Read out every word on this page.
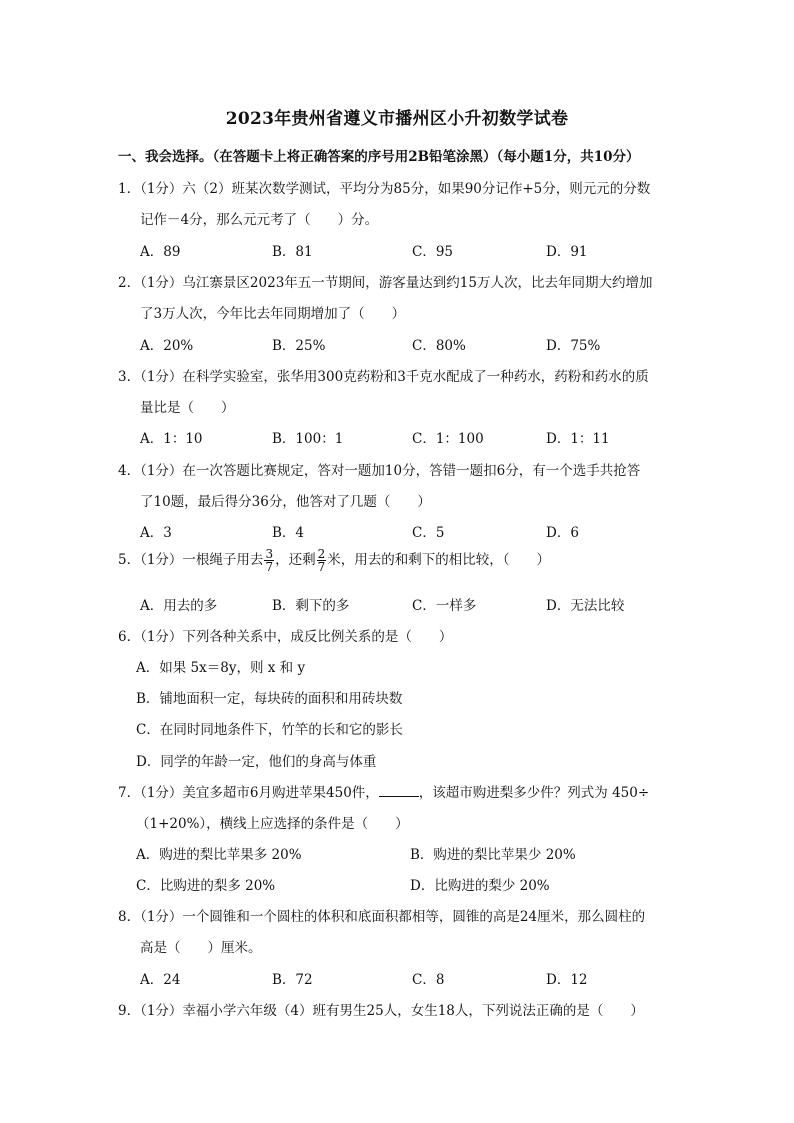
2023年贵州省遵义市播州区小升初数学试卷
一、我会选择。（在答题卡上将正确答案的序号用2B铅笔涂黑）（每小题1分，共10分）
1．（1分）六（2）班某次数学测试，平均分为85分，如果90分记作+5分，则元元的分数
记作－4分，那么元元考了（　　）分。
A．89	B．81	C．95	D．91
2．（1分）乌江寨景区2023年五一节期间，游客量达到约15万人次，比去年同期大约增加
了3万人次，今年比去年同期增加了（　　）
A．20%	B．25%	C．80%	D．75%
3．（1分）在科学实验室，张华用300克药粉和3千克水配成了一种药水，药粉和药水的质
量比是（　　）
A．1：10	B．100：1	C．1：100	D．1：11
4．（1分）在一次答题比赛规定，答对一题加10分，答错一题扣6分，有一个选手共抢答
了10题，最后得分36分，他答对了几题（　　）
A．3	B．4	C．5	D．6
5．（1分）一根绳子用去 $\frac{3}{7}$ ，还剩 $\frac{2}{7}$ 米，用去的和剩下的相比较，（　　）
A．用去的多	B．剩下的多	C．一样多	D．无法比较
6．（1分）下列各种关系中，成反比例关系的是（　　）
A．如果 5x＝8y，则 x 和 y
B．铺地面积一定，每块砖的面积和用砖块数
C．在同时同地条件下，竹竿的长和它的影长
D．同学的年龄一定，他们的身高与体重
7．（1分）美宜多超市6月购进苹果450件，	，该超市购进梨多少件？列式为 450÷
（1+20%），横线上应选择的条件是（　　）
A．购进的梨比苹果多 20%	B．购进的梨比苹果少 20%
C．比购进的梨多 20%	D．比购进的梨少 20%
8．（1分）一个圆锥和一个圆柱的体积和底面积都相等，圆锥的高是24厘米，那么圆柱的
高是（　　）厘米。
A．24	B．72	C．8	D．12
9．（1分）幸福小学六年级（4）班有男生25人，女生18人，下列说法正确的是（　　）
